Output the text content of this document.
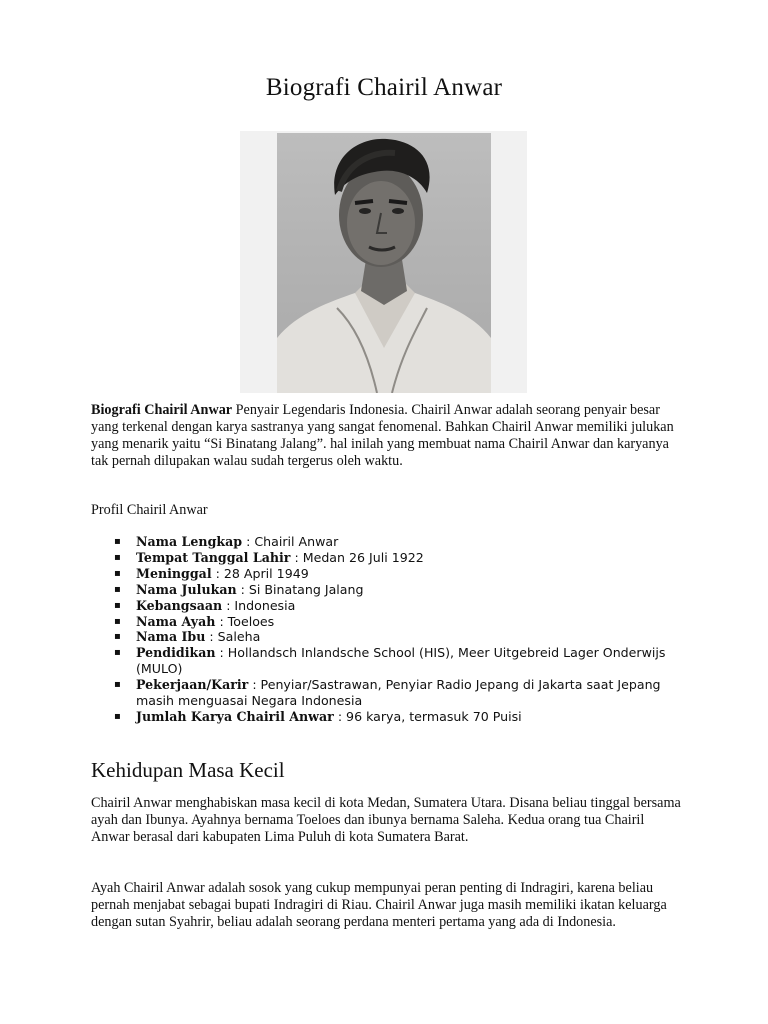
Biografi Chairil Anwar

Biografi Chairil Anwar Penyair Legendaris Indonesia. Chairil Anwar adalah seorang penyair besar yang terkenal dengan karya sastranya yang sangat fenomenal. Bahkan Chairil Anwar memiliki julukan yang menarik yaitu “Si Binatang Jalang”. hal inilah yang membuat nama Chairil Anwar dan karyanya tak pernah dilupakan walau sudah tergerus oleh waktu.

Profil Chairil Anwar

▪ Nama Lengkap : Chairil Anwar
▪ Tempat Tanggal Lahir : Medan 26 Juli 1922
▪ Meninggal : 28 April 1949
▪ Nama Julukan : Si Binatang Jalang
▪ Kebangsaan : Indonesia
▪ Nama Ayah : Toeloes
▪ Nama Ibu : Saleha
▪ Pendidikan : Hollandsch Inlandsche School (HIS), Meer Uitgebreid Lager Onderwijs (MULO)
▪ Pekerjaan/Karir : Penyiar/Sastrawan, Penyiar Radio Jepang di Jakarta saat Jepang masih menguasai Negara Indonesia
▪ Jumlah Karya Chairil Anwar : 96 karya, termasuk 70 Puisi
Kehidupan Masa Kecil

Chairil Anwar menghabiskan masa kecil di kota Medan, Sumatera Utara. Disana beliau tinggal bersama ayah dan Ibunya. Ayahnya bernama Toeloes dan ibunya bernama Saleha. Kedua orang tua Chairil Anwar berasal dari kabupaten Lima Puluh di kota Sumatera Barat.

Ayah Chairil Anwar adalah sosok yang cukup mempunyai peran penting di Indragiri, karena beliau pernah menjabat sebagai bupati Indragiri di Riau. Chairil Anwar juga masih memiliki ikatan keluarga dengan sutan Syahrir, beliau adalah seorang perdana menteri pertama yang ada di Indonesia.
